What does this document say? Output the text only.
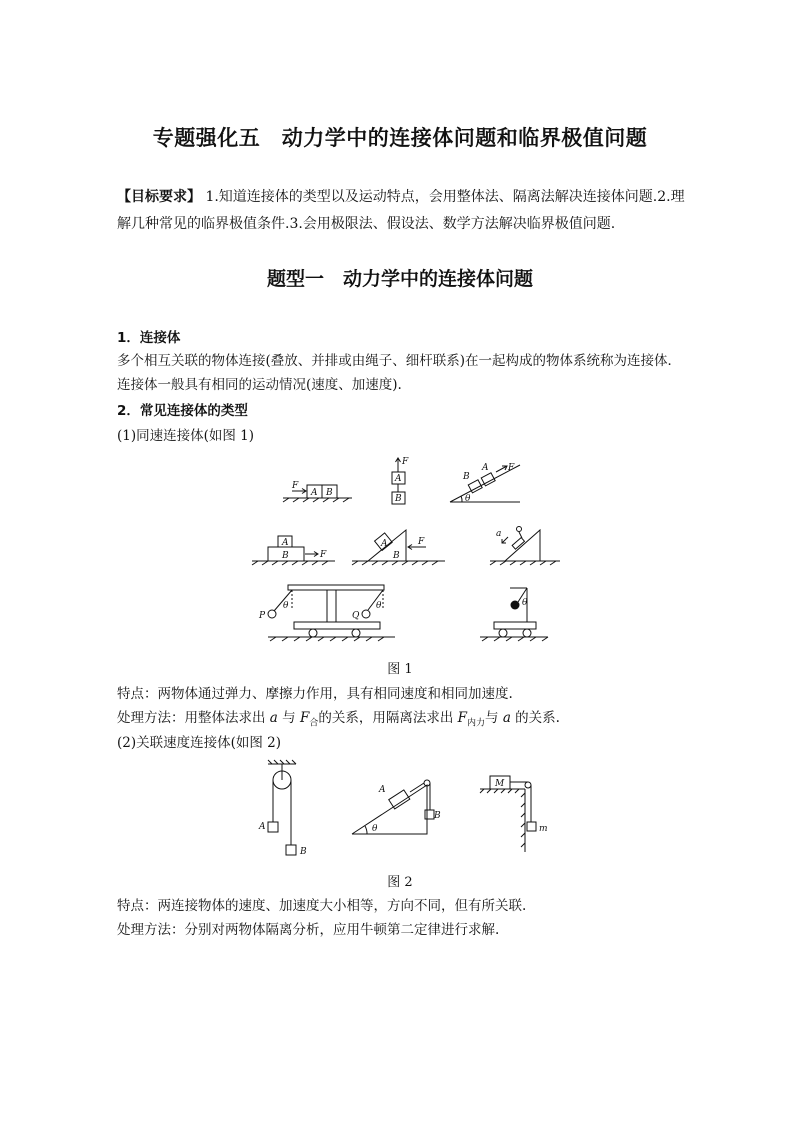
专题强化五　动力学中的连接体问题和临界极值问题
【目标要求】 1.知道连接体的类型以及运动特点，会用整体法、隔离法解决连接体问题.2.理解几种常见的临界极值条件.3.会用极限法、假设法、数学方法解决临界极值问题.
题型一　动力学中的连接体问题
1．连接体
多个相互关联的物体连接(叠放、并排或由绳子、细杆联系)在一起构成的物体系统称为连接体．连接体一般具有相同的运动情况(速度、加速度).
2．常见连接体的类型
(1)同速连接体(如图 1)
F
A B
F
A
B
B
A F
θ
A
B	F
A
B
F
a
P	Q
θ	θ	θ
图 1
特点：两物体通过弹力、摩擦力作用，具有相同速度和相同加速度.
处理方法：用整体法求出 a 与 $F_合$的关系，用隔离法求出 $F_{内力}$与 a 的关系.
(2)关联速度连接体(如图 2)
A
B
A
B
θ
M
m
图 2
特点：两连接物体的速度、加速度大小相等，方向不同，但有所关联.
处理方法：分别对两物体隔离分析，应用牛顿第二定律进行求解.
